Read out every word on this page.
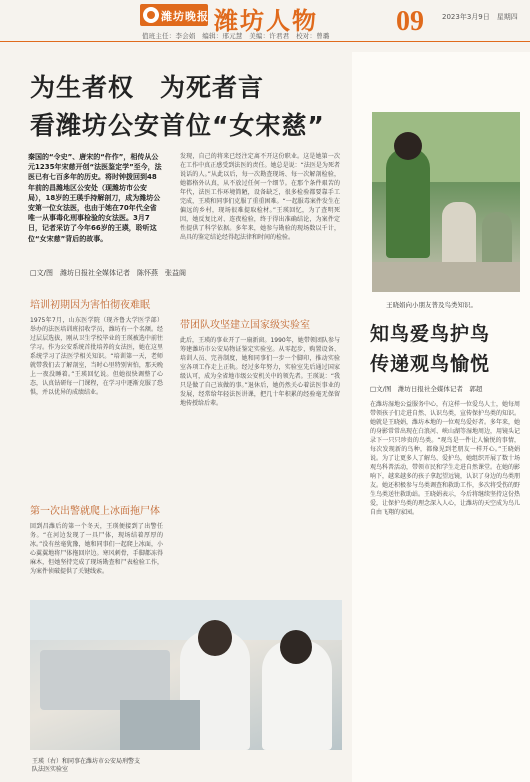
潍坊晚报 潍坊人物	09	2023年3月9日　星期四
值班主任：李会娟　编辑：邢元慧　美编：许君君　校对：曾璐
为生者权　为死者言
看潍坊公安首位“女宋慈”

秦国的“令史”、唐宋的“仵作”，相传从公元1235年宋慈开创“法医鉴定学”至今，法医已有七百多年的历史。将时钟拨回到48年前的昌潍地区公安处（现潍坊市公安局），18岁的王瑛手持解剖刀，成为潍坊公安第一位女法医，也由于她在70年代全省唯一从事毒化刑事检验的女法医。3月7日，记者采访了今年66岁的王瑛，聆听这位“女宋慈”背后的故事。

□文/图　潍坊日报社全媒体记者　陈怀燕　张益阁
培训初期因为害怕彻夜难眠
1975年7月，山东医学院（现齐鲁大学医学部）举办的法医培训班招收学员，潍坊有一个名额。经过层层选拔，刚从卫生学校毕业的王瑛被选中前往学习。作为公安系统首批培养的女法医，她在这里系统学习了法医学相关知识。“培训第一天，老师就带我们去了解剖室，当时心里特别害怕，那天晚上一夜没睡着。”王瑛回忆说。但她很快调整了心态，认真钻研每一门课程，在学习中逐渐克服了恐惧，并以优异的成绩结业。
第一次出警就爬上冰面拖尸体
回到昌潍后的第一个冬天，王瑛便接到了出警任务。“在河边发现了一具尸体，现场结着厚厚的冰。”没有丝毫犹豫，她和同事们一起爬上冰面，小心翼翼地将尸体拖回岸边。寒风刺骨，手脚都冻得麻木，但她坚持完成了现场勘查和尸表检验工作，为案件侦破提供了关键线索。
发现，自己的将来已经注定离不开这份职业。这是她第一次在工作中真正感受到法医的责任。她总是说：“法医是为死者说话的人。”从此以后，每一次勘查现场、每一次解剖检验，她都格外认真，从不放过任何一个细节。在那个条件艰苦的年代，法医工作环境简陋，设备缺乏，很多检验都要靠手工完成，王瑛和同事们克服了重重困难。“一起服毒案件发生在偏远的乡村，现场很难提取检材。”王瑛回忆，为了查明死因，她反复比对、连夜检验，终于得出准确结论，为案件定性提供了科学依据。多年来，她参与勘验的现场数以千计，出具的鉴定结论经得起法律和时间的检验。
带团队攻坚建立国家级实验室
此后，王瑛的事业开了一扇新窗。1990年，她带领团队参与筹建潍坊市公安局物证鉴定实验室。从零起步，购置设备、培训人员、完善制度，她和同事们一步一个脚印，推动实验室各项工作走上正轨。经过多年努力，实验室先后通过国家级认可，成为全省地市级公安机关中的领先者。王瑛说：“我只是做了自己该做的事。”退休后，她仍然关心着法医事业的发展，经常给年轻法医讲课，把几十年积累的经验毫无保留地传授给后辈。
王瑛（右）和同事在潍坊市公安局刑警支队法医实验室
王晓娟向小朋友普及鸟类知识。
知鸟爱鸟护鸟
传递观鸟愉悦
□文/图　潍坊日报社全媒体记者　郭超
在潍坊湿地公益服务中心，有这样一位爱鸟人士，她每周带领孩子们走进自然、认识鸟类，宣传保护鸟类的知识。她就是王晓娟，潍坊本地的一位观鸟爱好者。多年来，她的身影常常出现在白浪河、峡山湖等湿地周边，用镜头记录下一只只珍贵的鸟类。“观鸟是一件让人愉悦的事情，每次发现新的鸟种，都像见到老朋友一样开心。”王晓娟说。为了让更多人了解鸟、爱护鸟，她组织开展了数十场观鸟科普活动，带领市民和学生走进自然课堂。在她的影响下，越来越多的孩子拿起望远镜，认识了身边的鸟类朋友。她还积极参与鸟类调查和救助工作，多次将受伤的野生鸟类送往救助站。王晓娟表示，今后将继续坚持这份热爱，让保护鸟类的理念深入人心，让潍坊的天空成为鸟儿自由飞翔的家园。
